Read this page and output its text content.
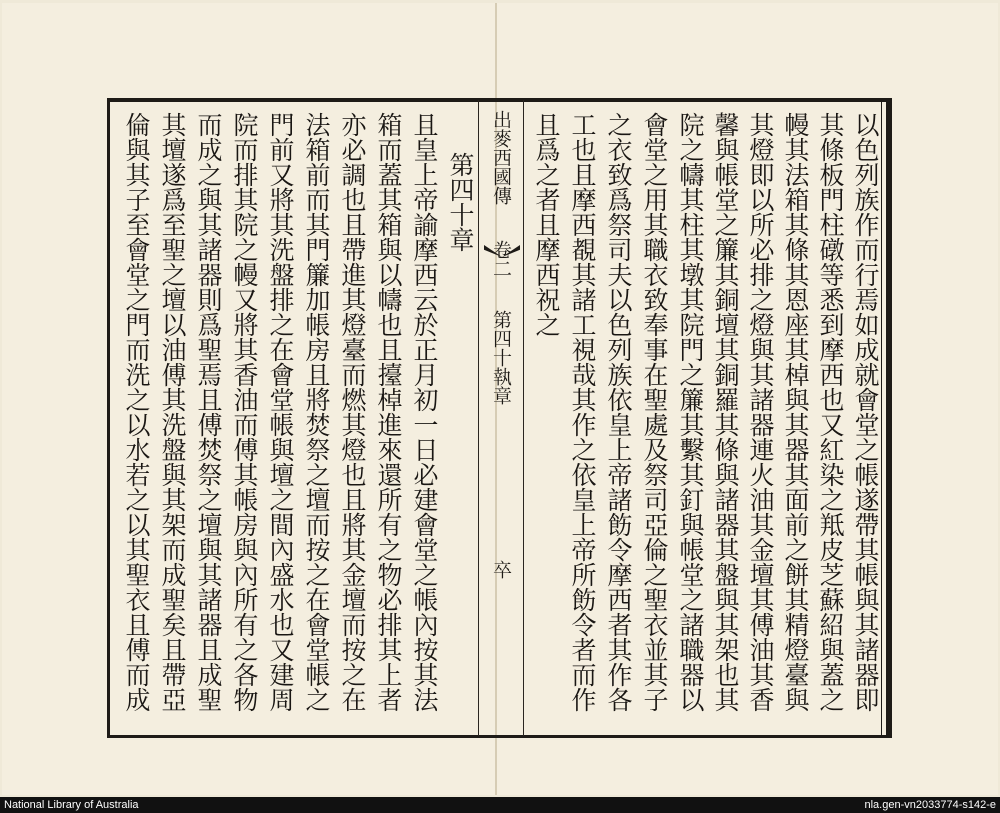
以色列族作而行焉如成就會堂之帳遂帶其帳與其諸器即
其條板門柱礅等悉到摩西也又紅染之羝皮芝蘇紹與蓋之
幔其法箱其條其恩座其棹與其器其面前之餅其精燈臺與
其燈即以所必排之燈與其諸器連火油其金壇其傅油其香
馨與帳堂之簾其銅壇其銅羅其條與諸器其盤與其架也其
院之幬其柱其墩其院門之簾其繫其釘與帳堂之諸職器以
會堂之用其職衣致奉事在聖處及祭司亞倫之聖衣並其子
之衣致爲祭司夫以色列族依皇上帝諸飭令摩西者其作各
工也且摩西覩其諸工視哉其作之依皇上帝所飭令者而作
且爲之者且摩西祝之
出麥西國傳
卷二
第四十執章
卒
第四十章
且皇上帝諭摩西云於正月初一日必建會堂之帳內按其法
箱而蓋其箱與以幬也且擡棹進來還所有之物必排其上者
亦必調也且帶進其燈臺而燃其燈也且將其金壇而按之在
法箱前而其門簾加帳房且將焚祭之壇而按之在會堂帳之
門前又將其洗盤排之在會堂帳與壇之間內盛水也又建周
院而排其院之幔又將其香油而傅其帳房與內所有之各物
而成之與其諸器則爲聖焉且傅焚祭之壇與其諸器且成聖
其壇遂爲至聖之壇以油傅其洗盤與其架而成聖矣且帶亞
倫與其子至會堂之門而洗之以水若之以其聖衣且傅而成
National Library of Australia	nla.gen-vn2033774-s142-e
